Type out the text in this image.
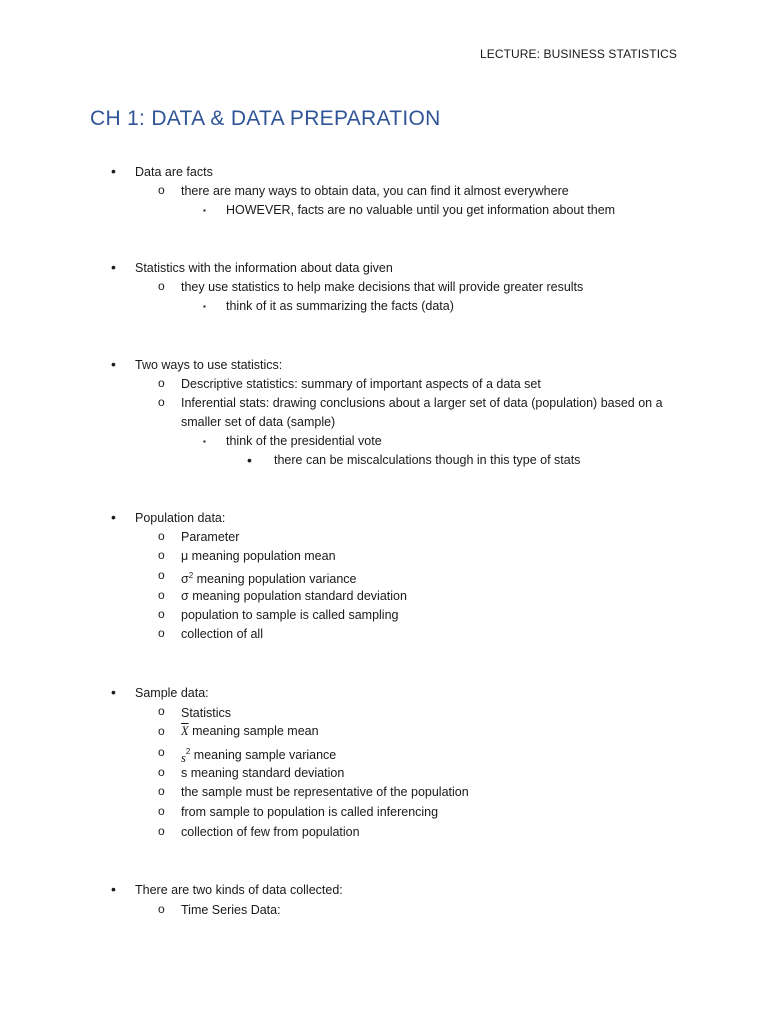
LECTURE: BUSINESS STATISTICS
CH 1: DATA & DATA PREPARATION
• Data are facts
o there are many ways to obtain data, you can find it almost everywhere
▪ HOWEVER, facts are no valuable until you get information about them
• Statistics with the information about data given
o they use statistics to help make decisions that will provide greater results
▪ think of it as summarizing the facts (data)
• Two ways to use statistics:
o Descriptive statistics: summary of important aspects of a data set
o Inferential stats: drawing conclusions about a larger set of data (population) based on a
smaller set of data (sample)
▪ think of the presidential vote
• there can be miscalculations though in this type of stats
• Population data:
o Parameter
o μ meaning population mean
o $\sigma^2$ meaning population variance
o σ meaning population standard deviation
o population to sample is called sampling
o collection of all
• Sample data:
o Statistics
o $\overline{X}$ meaning sample mean
o $s^2$ meaning sample variance
o s meaning standard deviation
o the sample must be representative of the population
o from sample to population is called inferencing
o collection of few from population
• There are two kinds of data collected:
o Time Series Data:
